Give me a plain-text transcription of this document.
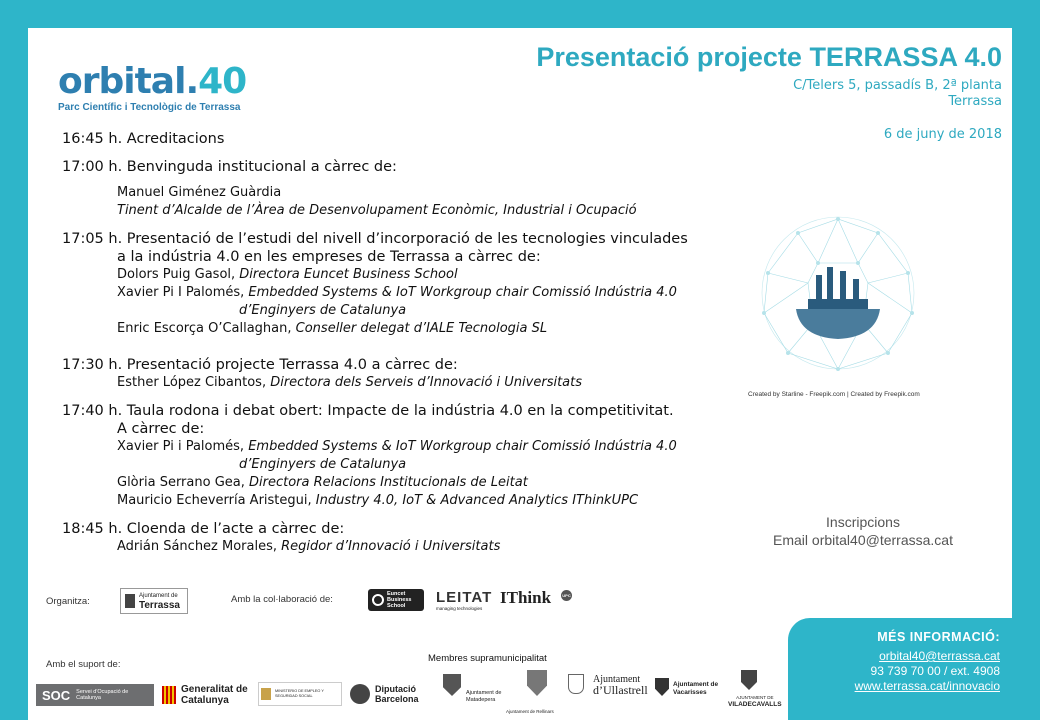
orbital.40
Parc Científic i Tecnològic de Terrassa
Presentació projecte TERRASSA 4.0
C/Telers 5, passadís B, 2ª planta
Terrassa
6 de juny de 2018
16:45 h. Acreditacions
17:00 h. Benvinguda institucional a càrrec de:
Manuel Giménez Guàrdia
Tinent d’Alcalde de l’Àrea de Desenvolupament Econòmic, Industrial i Ocupació
17:05 h. Presentació de l’estudi del nivell d’incorporació de les tecnologies vinculades
a la indústria 4.0 en les empreses de Terrassa a càrrec de:
Dolors Puig Gasol, Directora Euncet Business School
Xavier Pi I Palomés, Embedded Systems & IoT Workgroup chair Comissió Indústria 4.0
d’Enginyers de Catalunya
Enric Escorça O’Callaghan, Conseller delegat d’IALE Tecnologia SL
17:30 h. Presentació projecte Terrassa 4.0 a càrrec de:
Esther López Cibantos, Directora dels Serveis d’Innovació i Universitats
17:40 h. Taula rodona i debat obert: Impacte de la indústria 4.0 en la competitivitat.
A càrrec de:
Xavier Pi i Palomés, Embedded Systems & IoT Workgroup chair Comissió Indústria 4.0
d’Enginyers de Catalunya
Glòria Serrano Gea, Directora Relacions Institucionals de Leitat
Mauricio Echeverría Aristegui, Industry 4.0, IoT & Advanced Analytics IThinkUPC
18:45 h. Cloenda de l’acte a càrrec de:
Adrián Sánchez Morales, Regidor d’Innovació i Universitats
Created by Starline - Freepik.com | Created by Freepik.com
Inscripcions
Email orbital40@terrassa.cat
Organitza:	Ajuntament de
Terrassa
Amb la col·laboració de:	Euncet Business School	LEITAT
managing technologies
IThink	UPC
Amb el suport de:
Membres supramunicipalitat
SOC	Servei d'Ocupació de Catalunya
Generalitat de Catalunya
MINISTERIO DE EMPLEO Y SEGURIDAD SOCIAL
Diputació Barcelona
Ajuntament de Matadepera
Ajuntament de Rellinars
Ajuntament
d’Ullastrell	Ajuntament de Vacarisses
AJUNTAMENT DE
VILADECAVALLS
MÉS INFORMACIÓ:
orbital40@terrassa.cat
93 739 70 00 / ext. 4908
www.terrassa.cat/innovacio
